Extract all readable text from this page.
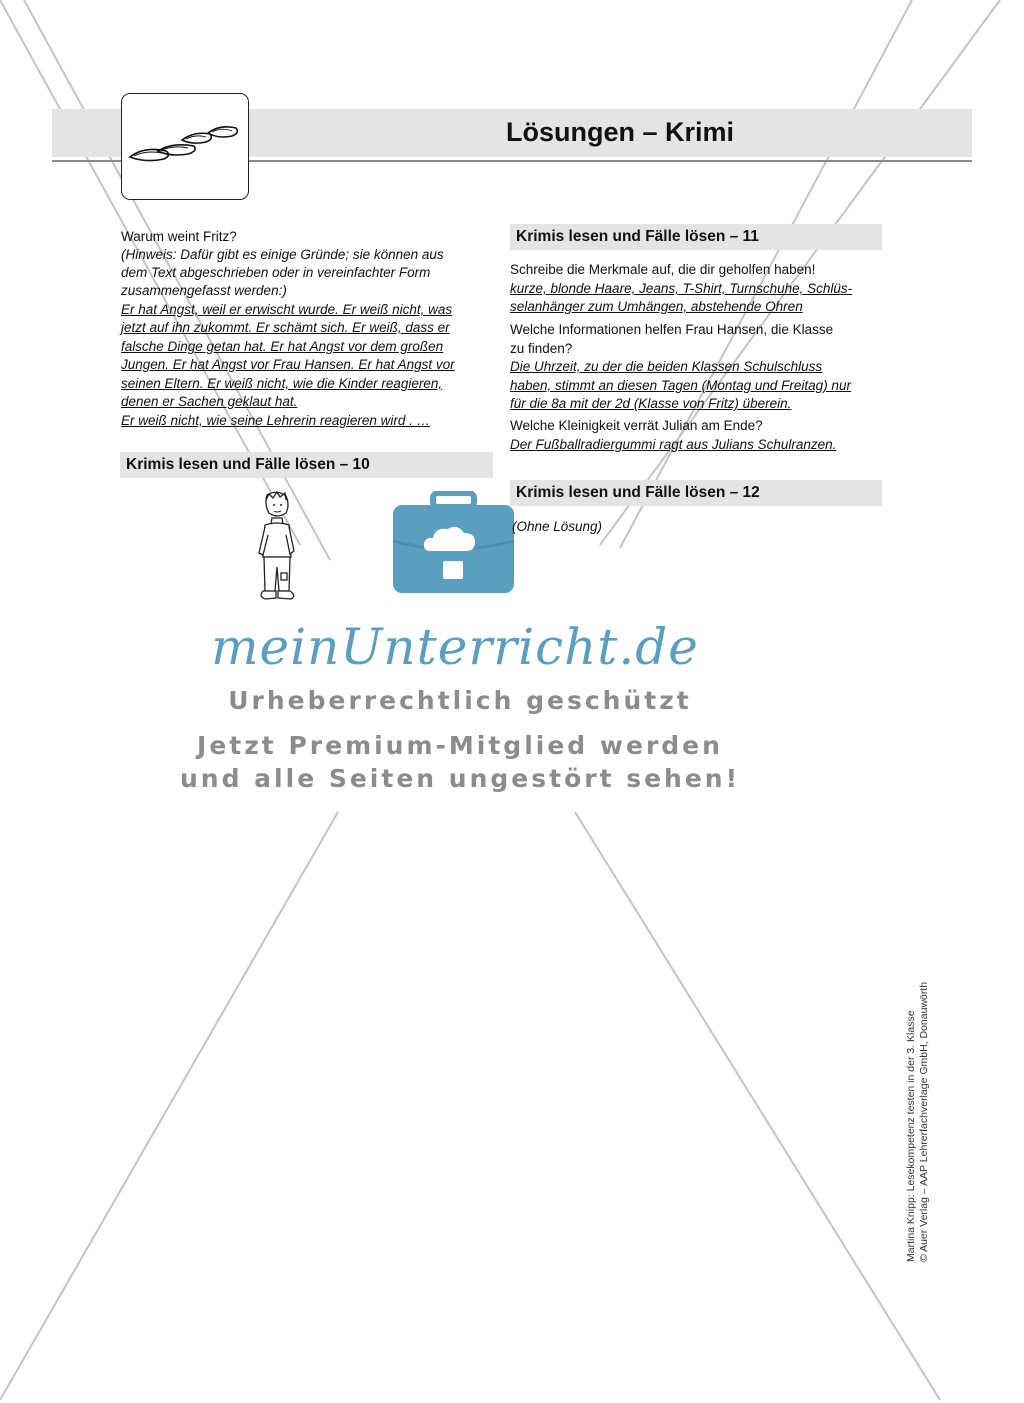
Lösungen – Krimi
Warum weint Fritz?
(Hinweis: Dafür gibt es einige Gründe; sie können aus
dem Text abgeschrieben oder in vereinfachter Form
zusammengefasst werden:)
Er hat Angst, weil er erwischt wurde. Er weiß nicht, was
jetzt auf ihn zukommt. Er schämt sich. Er weiß, dass er
falsche Dinge getan hat. Er hat Angst vor dem großen
Jungen. Er hat Angst vor Frau Hansen. Er hat Angst vor
seinen Eltern. Er weiß nicht, wie die Kinder reagieren,
denen er Sachen geklaut hat.
Er weiß nicht, wie seine Lehrerin reagieren wird . …
Krimis lesen und Fälle lösen – 10
Krimis lesen und Fälle lösen – 11
Schreibe die Merkmale auf, die dir geholfen haben!
kurze, blonde Haare, Jeans, T-Shirt, Turnschuhe, Schlüs-
selanhänger zum Umhängen, abstehende Ohren
Welche Informationen helfen Frau Hansen, die Klasse
zu finden?
Die Uhrzeit, zu der die beiden Klassen Schulschluss
haben, stimmt an diesen Tagen (Montag und Freitag) nur
für die 8a mit der 2d (Klasse von Fritz) überein.
Welche Kleinigkeit verrät Julian am Ende?
Der Fußballradiergummi ragt aus Julians Schulranzen.
Krimis lesen und Fälle lösen – 12
(Ohne Lösung)
meinUnterricht.de
Urheberrechtlich geschützt
Jetzt Premium-Mitglied werden
und alle Seiten ungestört sehen!
Martina Knipp: Lesekompetenz testen in der 3. Klasse © Auer Verlag – AAP Lehrerfachverlage GmbH, Donauwörth
